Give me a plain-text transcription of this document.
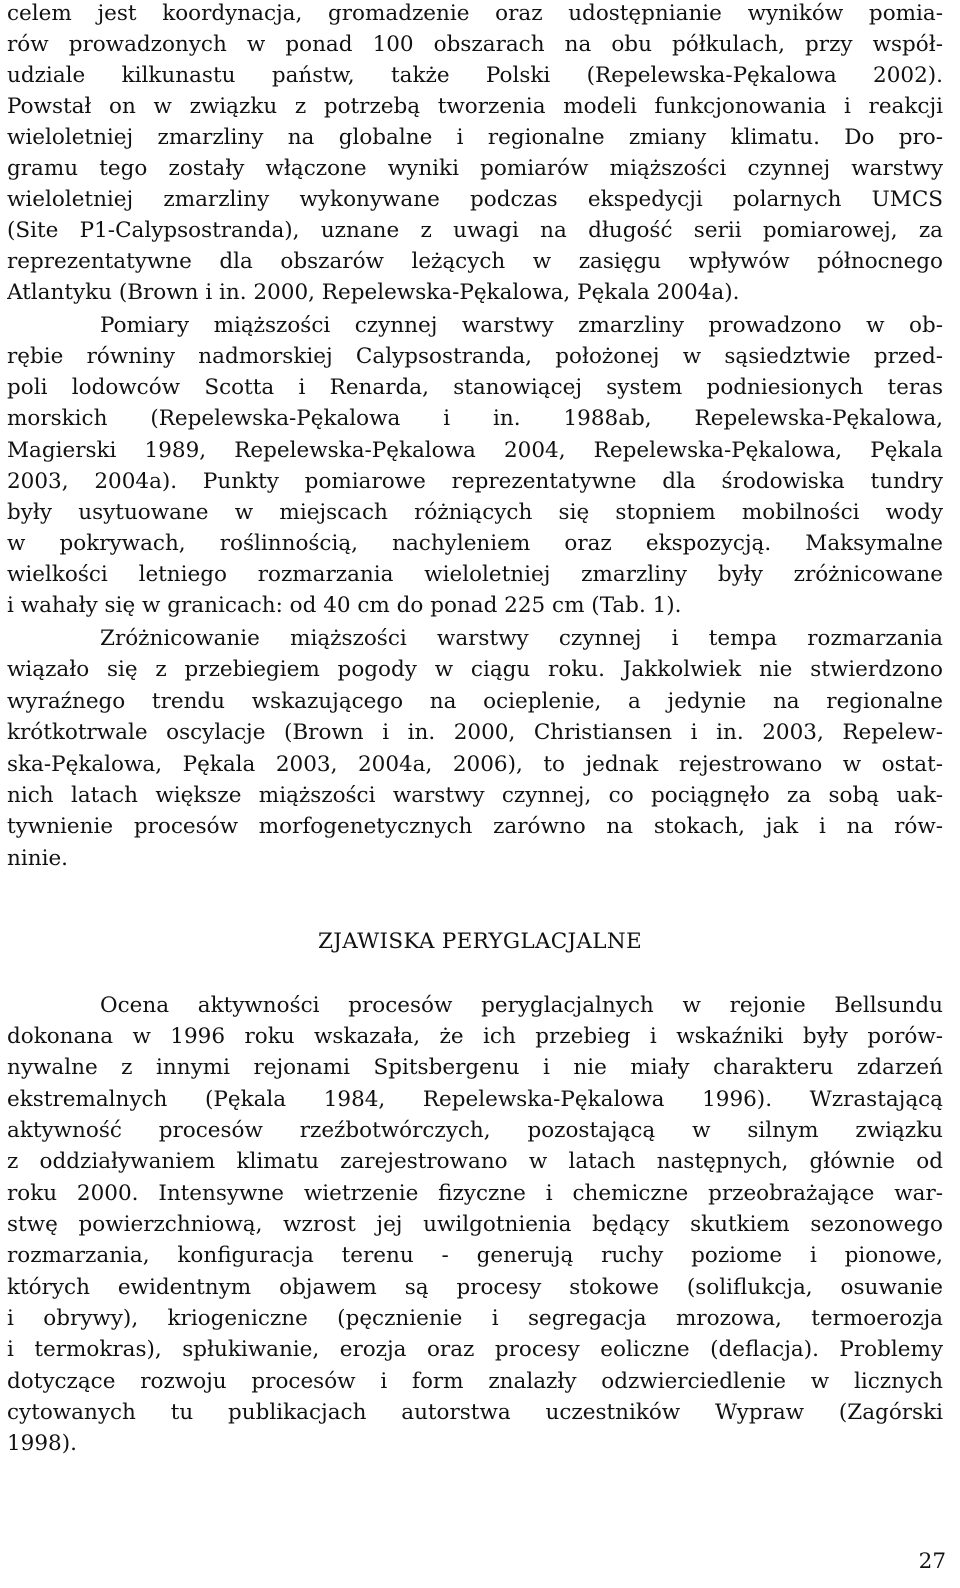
celem jest koordynacja, gromadzenie oraz udostępnianie wyników pomia-
rów prowadzonych w ponad 100 obszarach na obu półkulach, przy współ-
udziale kilkunastu państw, także Polski (Repelewska-Pękalowa 2002).
Powstał on w związku z potrzebą tworzenia modeli funkcjonowania i reakcji
wieloletniej zmarzliny na globalne i regionalne zmiany klimatu. Do pro-
gramu tego zostały włączone wyniki pomiarów miąższości czynnej warstwy
wieloletniej zmarzliny wykonywane podczas ekspedycji polarnych UMCS
(Site P1-Calypsostranda), uznane z uwagi na długość serii pomiarowej, za
reprezentatywne dla obszarów leżących w zasięgu wpływów północnego
Atlantyku (Brown i in. 2000, Repelewska-Pękalowa, Pękala 2004a).
Pomiary miąższości czynnej warstwy zmarzliny prowadzono w ob-
rębie równiny nadmorskiej Calypsostranda, położonej w sąsiedztwie przed-
poli lodowców Scotta i Renarda, stanowiącej system podniesionych teras
morskich (Repelewska-Pękalowa i in. 1988ab, Repelewska-Pękalowa,
Magierski 1989, Repelewska-Pękalowa 2004, Repelewska-Pękalowa, Pękala
2003, 2004a). Punkty pomiarowe reprezentatywne dla środowiska tundry
były usytuowane w miejscach różniących się stopniem mobilności wody
w pokrywach, roślinnością, nachyleniem oraz ekspozycją. Maksymalne
wielkości letniego rozmarzania wieloletniej zmarzliny były zróżnicowane
i wahały się w granicach: od 40 cm do ponad 225 cm (Tab. 1).
Zróżnicowanie miąższości warstwy czynnej i tempa rozmarzania
wiązało się z przebiegiem pogody w ciągu roku. Jakkolwiek nie stwierdzono
wyraźnego trendu wskazującego na ocieplenie, a jedynie na regionalne
krótkotrwale oscylacje (Brown i in. 2000, Christiansen i in. 2003, Repelew-
ska-Pękalowa, Pękala 2003, 2004a, 2006), to jednak rejestrowano w ostat-
nich latach większe miąższości warstwy czynnej, co pociągnęło za sobą uak-
tywnienie procesów morfogenetycznych zarówno na stokach, jak i na rów-
ninie.
ZJAWISKA PERYGLACJALNE
Ocena aktywności procesów peryglacjalnych w rejonie Bellsundu
dokonana w 1996 roku wskazała, że ich przebieg i wskaźniki były porów-
nywalne z innymi rejonami Spitsbergenu i nie miały charakteru zdarzeń
ekstremalnych (Pękala 1984, Repelewska-Pękalowa 1996). Wzrastającą
aktywność procesów rzeźbotwórczych, pozostającą w silnym związku
z oddziaływaniem klimatu zarejestrowano w latach następnych, głównie od
roku 2000. Intensywne wietrzenie fizyczne i chemiczne przeobrażające war-
stwę powierzchniową, wzrost jej uwilgotnienia będący skutkiem sezonowego
rozmarzania, konfiguracja terenu - generują ruchy poziome i pionowe,
których ewidentnym objawem są procesy stokowe (soliflukcja, osuwanie
i obrywy), kriogeniczne (pęcznienie i segregacja mrozowa, termoerozja
i termokras), spłukiwanie, erozja oraz procesy eoliczne (deflacja). Problemy
dotyczące rozwoju procesów i form znalazły odzwierciedlenie w licznych
cytowanych tu publikacjach autorstwa uczestników Wypraw (Zagórski
1998).
27
